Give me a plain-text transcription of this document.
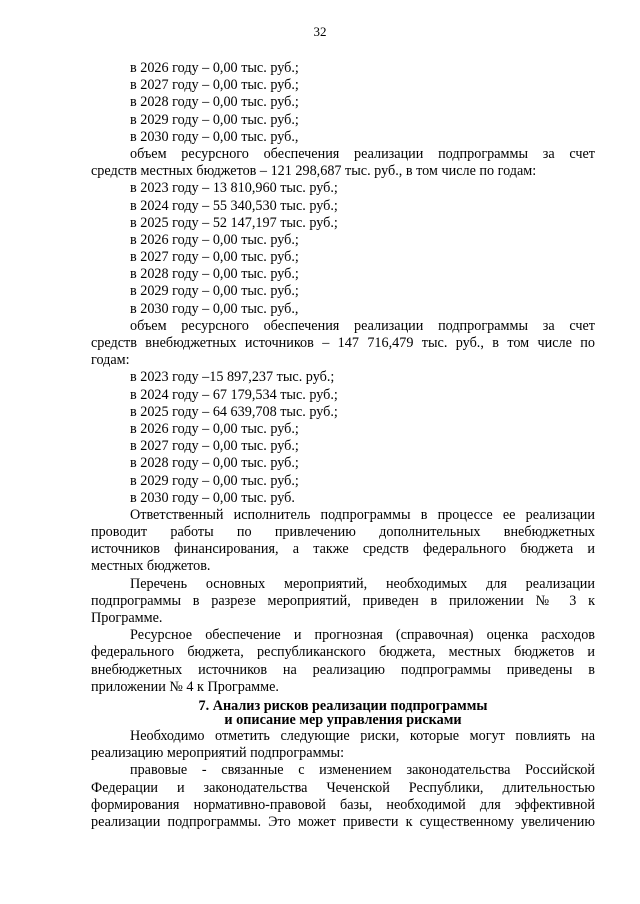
32
в 2026 году – 0,00 тыс. руб.;
в 2027 году – 0,00 тыс. руб.;
в 2028 году – 0,00 тыс. руб.;
в 2029 году – 0,00 тыс. руб.;
в 2030 году – 0,00 тыс. руб.,
объем ресурсного обеспечения реализации подпрограммы за счет
средств местных бюджетов – 121 298,687 тыс. руб., в том числе по годам:
в 2023 году – 13 810,960 тыс. руб.;
в 2024 году – 55 340,530 тыс. руб.;
в 2025 году – 52 147,197 тыс. руб.;
в 2026 году – 0,00 тыс. руб.;
в 2027 году – 0,00 тыс. руб.;
в 2028 году – 0,00 тыс. руб.;
в 2029 году – 0,00 тыс. руб.;
в 2030 году – 0,00 тыс. руб.,
объем ресурсного обеспечения реализации подпрограммы за счет
средств внебюджетных источников – 147 716,479 тыс. руб., в том числе по
годам:
в 2023 году –15 897,237 тыс. руб.;
в 2024 году – 67 179,534 тыс. руб.;
в 2025 году – 64 639,708 тыс. руб.;
в 2026 году – 0,00 тыс. руб.;
в 2027 году – 0,00 тыс. руб.;
в 2028 году – 0,00 тыс. руб.;
в 2029 году – 0,00 тыс. руб.;
в 2030 году – 0,00 тыс. руб.
Ответственный исполнитель подпрограммы в процессе ее реализации
проводит работы по привлечению дополнительных внебюджетных
источников финансирования, а также средств федерального бюджета и
местных бюджетов.
Перечень основных мероприятий, необходимых для реализации
подпрограммы в разрезе мероприятий, приведен в приложении № 3 к
Программе.
Ресурсное обеспечение и прогнозная (справочная) оценка расходов
федерального бюджета, республиканского бюджета, местных бюджетов и
внебюджетных источников на реализацию подпрограммы приведены в
приложении № 4 к Программе.
7. Анализ рисков реализации подпрограммы
и описание мер управления рисками
Необходимо отметить следующие риски, которые могут повлиять на
реализацию мероприятий подпрограммы:
правовые - связанные с изменением законодательства Российской
Федерации и законодательства Чеченской Республики, длительностью
формирования нормативно-правовой базы, необходимой для эффективной
реализации подпрограммы. Это может привести к существенному увеличению
